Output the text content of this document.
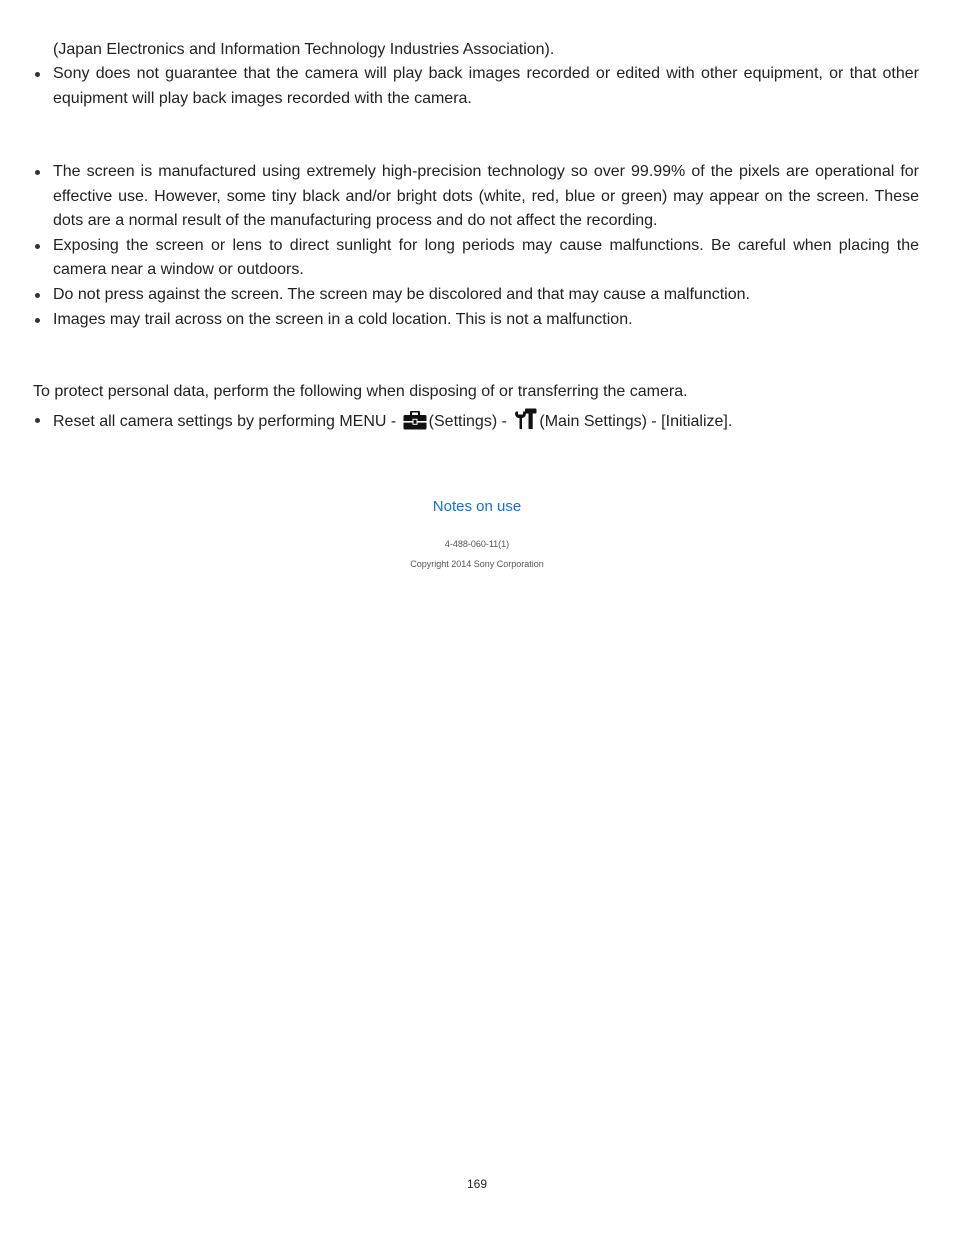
(Japan Electronics and Information Technology Industries Association).
Sony does not guarantee that the camera will play back images recorded or edited with other equipment, or that other equipment will play back images recorded with the camera.
The screen is manufactured using extremely high-precision technology so over 99.99% of the pixels are operational for effective use. However, some tiny black and/or bright dots (white, red, blue or green) may appear on the screen. These dots are a normal result of the manufacturing process and do not affect the recording.
Exposing the screen or lens to direct sunlight for long periods may cause malfunctions. Be careful when placing the camera near a window or outdoors.
Do not press against the screen. The screen may be discolored and that may cause a malfunction.
Images may trail across on the screen in a cold location. This is not a malfunction.
To protect personal data, perform the following when disposing of or transferring the camera.
Reset all camera settings by performing MENU - (Settings) - (Main Settings) - [Initialize].
Notes on use
4-488-060-11(1)
Copyright 2014 Sony Corporation
169
